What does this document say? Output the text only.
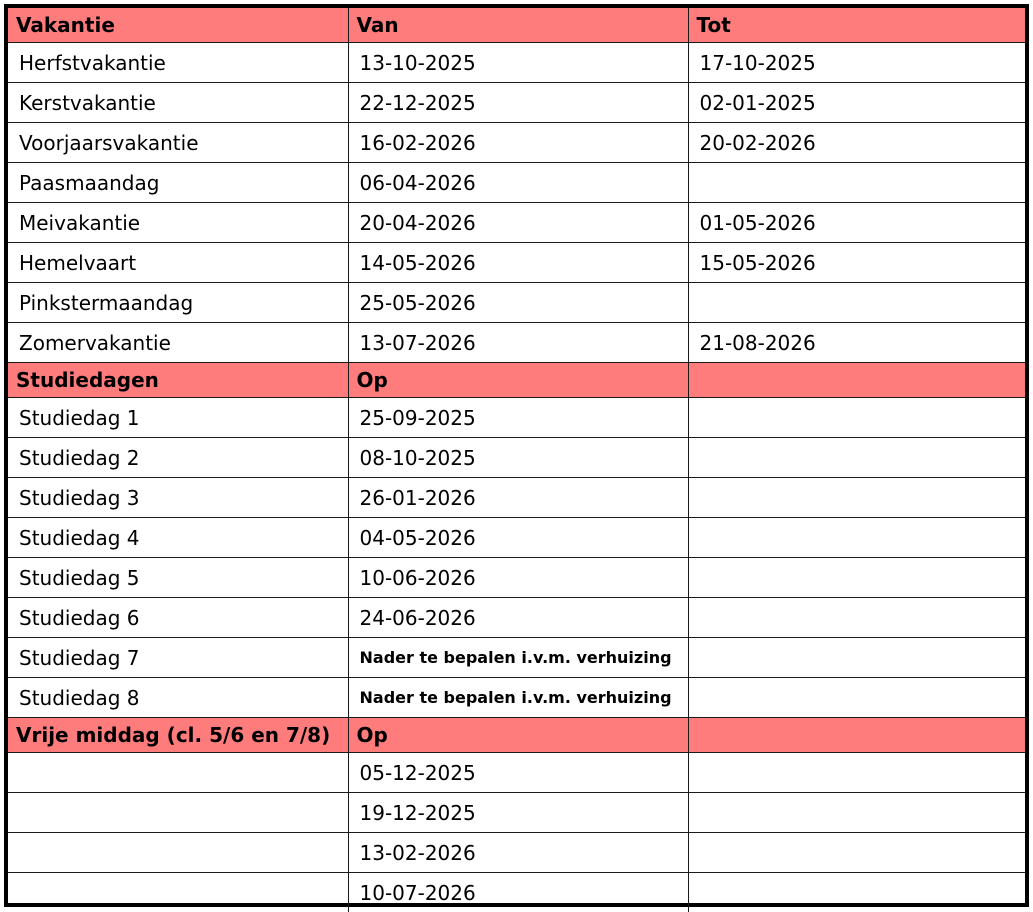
Vakantie	Van	Tot
Herfstvakantie	13-10-2025	17-10-2025
Kerstvakantie	22-12-2025	02-01-2025
Voorjaarsvakantie	16-02-2026	20-02-2026
Paasmaandag	06-04-2026	
Meivakantie	20-04-2026	01-05-2026
Hemelvaart	14-05-2026	15-05-2026
Pinkstermaandag	25-05-2026	
Zomervakantie	13-07-2026	21-08-2026
Studiedagen	Op	
Studiedag 1	25-09-2025	
Studiedag 2	08-10-2025	
Studiedag 3	26-01-2026	
Studiedag 4	04-05-2026	
Studiedag 5	10-06-2026	
Studiedag 6	24-06-2026	
Studiedag 7	Nader te bepalen i.v.m. verhuizing	
Studiedag 8	Nader te bepalen i.v.m. verhuizing	
Vrije middag (cl. 5/6 en 7/8)	Op	
	05-12-2025	
	19-12-2025	
	13-02-2026	
	10-07-2026	
